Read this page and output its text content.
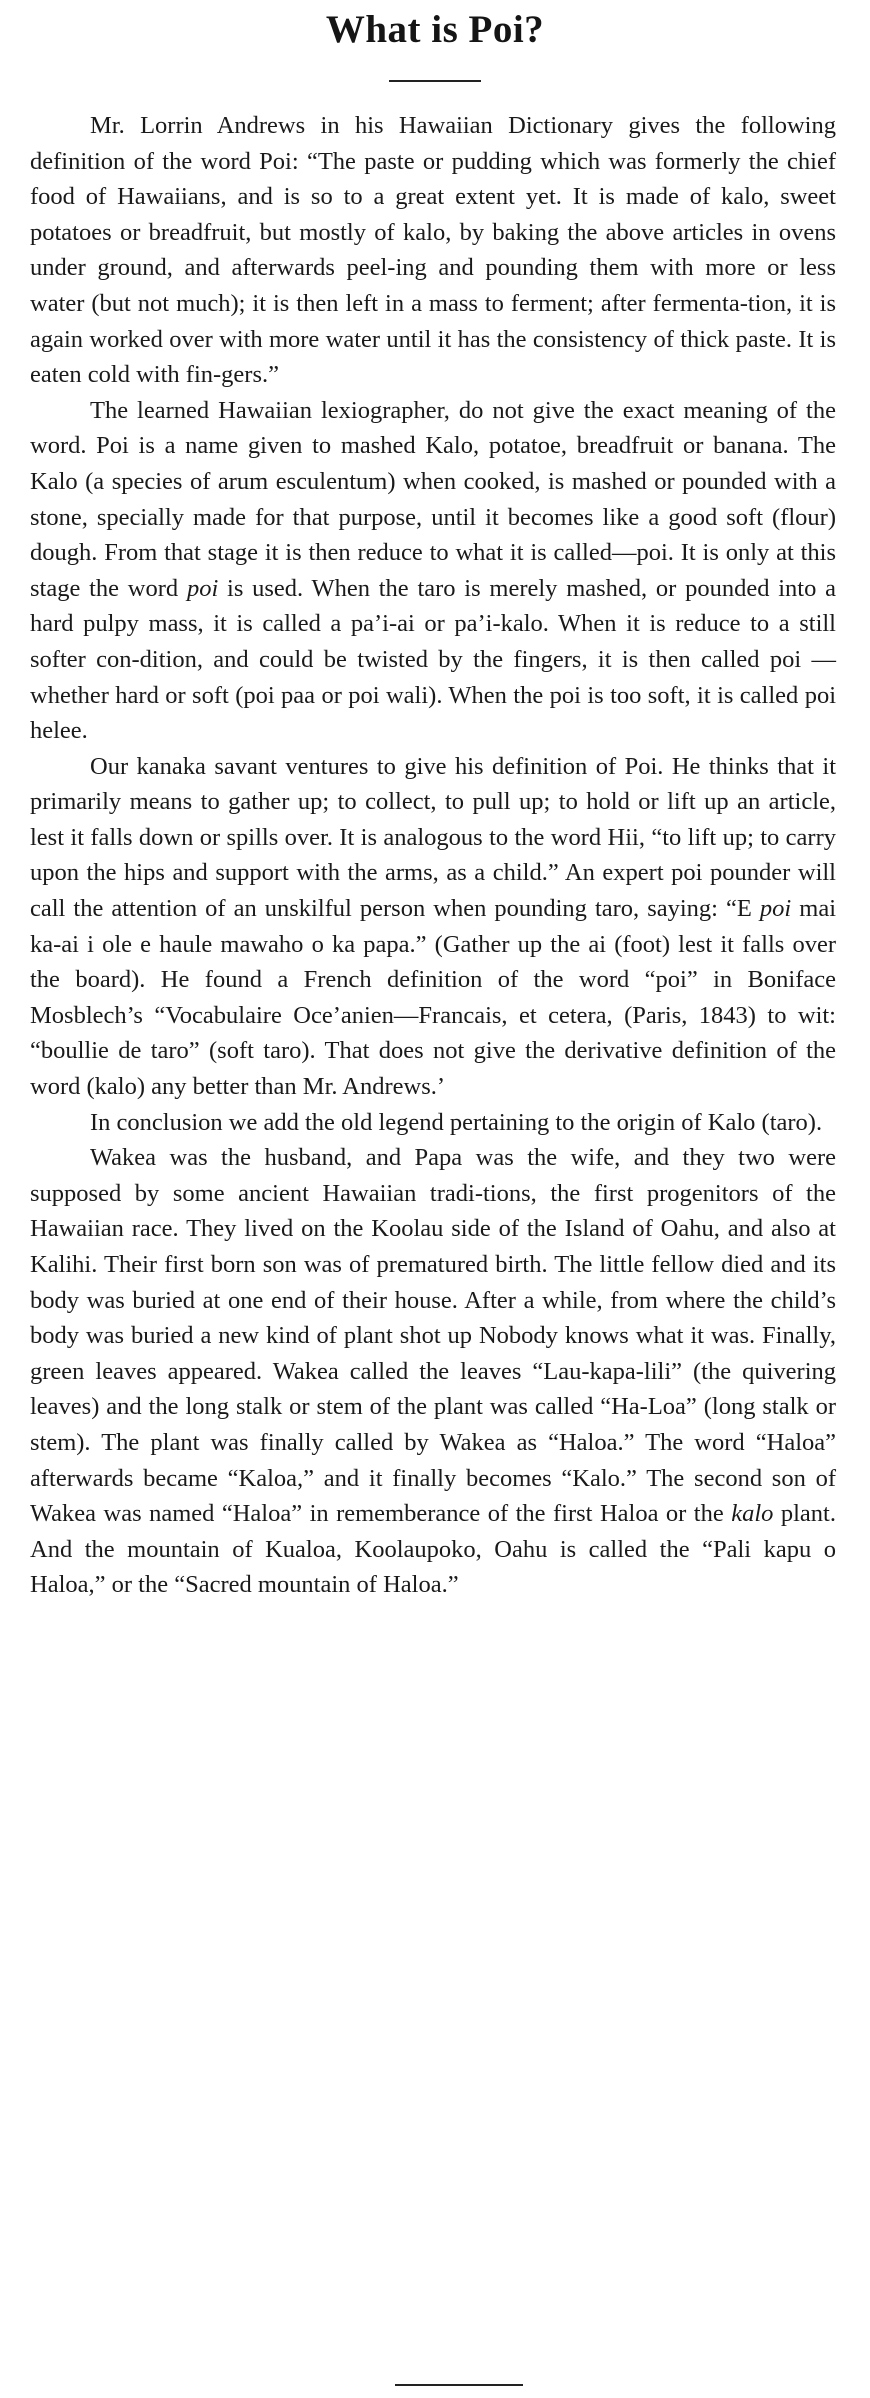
What is Poi?

Mr. Lorrin Andrews in his Hawaiian Dictionary gives the following definition of the word Poi: “The paste or pudding which was formerly the chief food of Hawaiians, and is so to a great extent yet. It is made of kalo, sweet potatoes or breadfruit, but mostly of kalo, by baking the above articles in ovens under ground, and afterwards peel-ing and pounding them with more or less water (but not much); it is then left in a mass to ferment; after fermenta-tion, it is again worked over with more water until it has the consistency of thick paste. It is eaten cold with fin-gers.”

The learned Hawaiian lexiographer, do not give the exact meaning of the word. Poi is a name given to mashed Kalo, potatoe, breadfruit or banana. The Kalo (a species of arum esculentum) when cooked, is mashed or pounded with a stone, specially made for that purpose, until it becomes like a good soft (flour) dough. From that stage it is then reduce to what it is called—poi. It is only at this stage the word poi is used. When the taro is merely mashed, or pounded into a hard pulpy mass, it is called a pa’i-ai or pa’i-kalo. When it is reduce to a still softer con-dition, and could be twisted by the fingers, it is then called poi — whether hard or soft (poi paa or poi wali). When the poi is too soft, it is called poi helee.

Our kanaka savant ventures to give his definition of Poi. He thinks that it primarily means to gather up; to collect, to pull up; to hold or lift up an article, lest it falls down or spills over. It is analogous to the word Hii, “to lift up; to carry upon the hips and support with the arms, as a child.” An expert poi pounder will call the attention of an unskilful person when pounding taro, saying: “E poi mai ka-ai i ole e haule mawaho o ka papa.” (Gather up the ai (foot) lest it falls over the board). He found a French definition of the word “poi” in Boniface Mosblech’s “Vocabulaire Oce’anien—Francais, et cetera, (Paris, 1843) to wit: “boullie de taro” (soft taro). That does not give the derivative definition of the word (kalo) any better than Mr. Andrews.’

In conclusion we add the old legend pertaining to the origin of Kalo (taro).

Wakea was the husband, and Papa was the wife, and they two were supposed by some ancient Hawaiian tradi-tions, the first progenitors of the Hawaiian race. They lived on the Koolau side of the Island of Oahu, and also at Kalihi. Their first born son was of prematured birth. The little fellow died and its body was buried at one end of their house. After a while, from where the child’s body was buried a new kind of plant shot up Nobody knows what it was. Finally, green leaves appeared. Wakea called the leaves “Lau-kapa-lili” (the quivering leaves) and the long stalk or stem of the plant was called “Ha-Loa” (long stalk or stem). The plant was finally called by Wakea as “Haloa.” The word “Haloa” afterwards became “Kaloa,” and it finally becomes “Kalo.” The second son of Wakea was named “Haloa” in rememberance of the first Haloa or the kalo plant. And the mountain of Kualoa, Koolaupoko, Oahu is called the “Pali kapu o Haloa,” or the “Sacred mountain of Haloa.”
